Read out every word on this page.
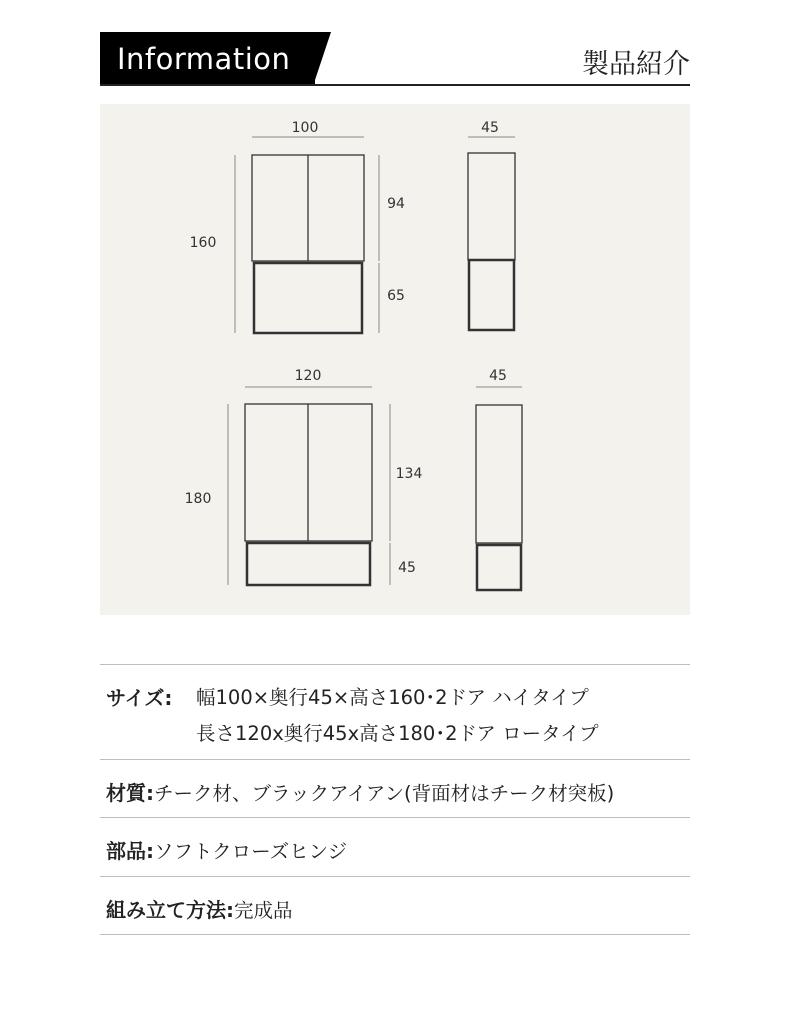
Information	製品紹介
100
160
94
65
45
120
180
134
45
45
サイズ: 幅100×奥行45×高さ160･2ドア ハイタイプ
長さ120x奥行45x高さ180･2ドア ロータイプ
材質:チーク材、ブラックアイアン(背面材はチーク材突板)
部品:ソフトクローズヒンジ
組み立て方法:完成品
